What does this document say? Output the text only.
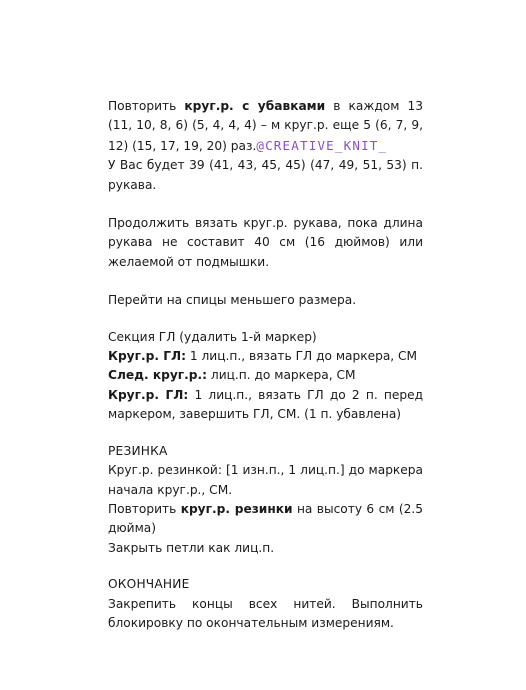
Повторить круг.р. с убавками в каждом 13 (11, 10, 8, 6) (5, 4, 4, 4) – м круг.р. еще 5 (6, 7, 9, 12) (15, 17, 19, 20) раз.@CREATIVE_KNIT_

У Вас будет 39 (41, 43, 45, 45) (47, 49, 51, 53) п. рукава.

Продолжить вязать круг.р. рукава, пока длина рукава не составит 40 см (16 дюймов) или желаемой от подмышки.

Перейти на спицы меньшего размера.

Секция ГЛ (удалить 1-й маркер)

Круг.р. ГЛ: 1 лиц.п., вязать ГЛ до маркера, СМ

След. круг.р.: лиц.п. до маркера, СМ

Круг.р. ГЛ: 1 лиц.п., вязать ГЛ до 2 п. перед маркером, завершить ГЛ, СМ. (1 п. убавлена)

РЕЗИНКА

Круг.р. резинкой: [1 изн.п., 1 лиц.п.] до маркера начала круг.р., СМ.

Повторить круг.р. резинки на высоту 6 см (2.5 дюйма)

Закрыть петли как лиц.п.

ОКОНЧАНИЕ

Закрепить концы всех нитей. Выполнить блокировку по окончательным измерениям.
